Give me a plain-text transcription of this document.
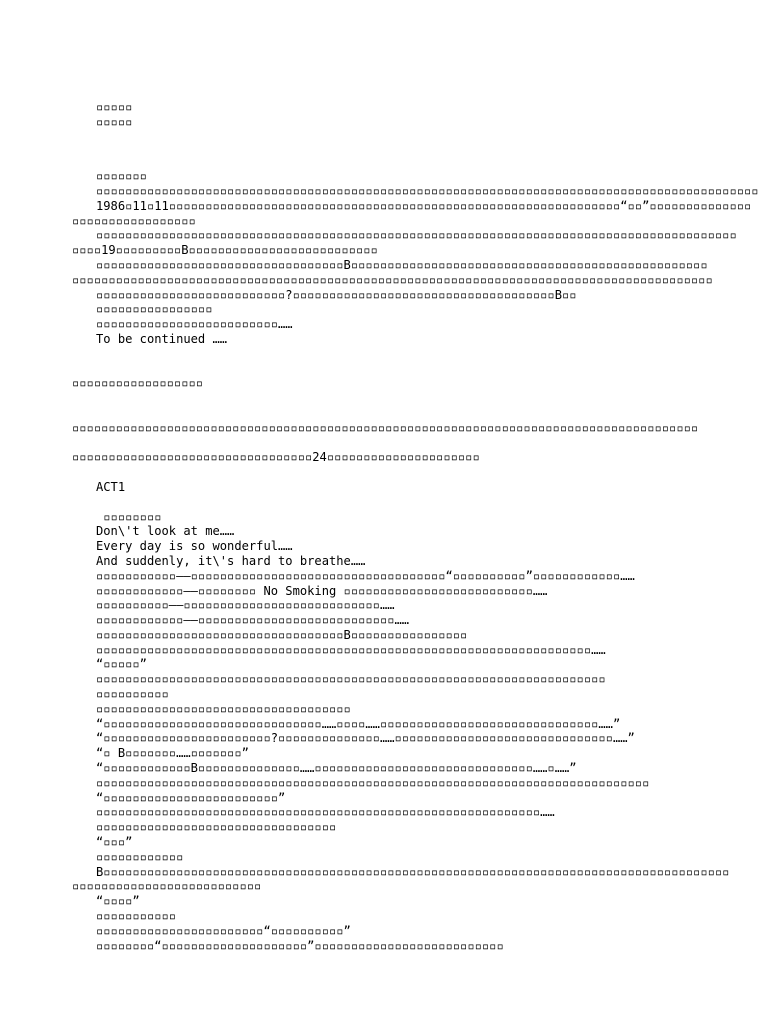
▫▫▫▫▫
▫▫▫▫▫
▫▫▫▫▫▫▫
▫▫▫▫▫▫▫▫▫▫▫▫▫▫▫▫▫▫▫▫▫▫▫▫▫▫▫▫▫▫▫▫▫▫▫▫▫▫▫▫▫▫▫▫▫▫▫▫▫▫▫▫▫▫▫▫▫▫▫▫▫▫▫▫▫▫▫▫▫▫▫▫▫▫▫▫▫▫▫▫▫▫▫▫▫▫▫▫▫▫▫
1986▫11▫11▫▫▫▫▫▫▫▫▫▫▫▫▫▫▫▫▫▫▫▫▫▫▫▫▫▫▫▫▫▫▫▫▫▫▫▫▫▫▫▫▫▫▫▫▫▫▫▫▫▫▫▫▫▫▫▫▫▫▫▫▫▫“▫▫”▫▫▫▫▫▫▫▫▫▫▫▫▫▫
▫▫▫▫▫▫▫▫▫▫▫▫▫▫▫▫▫
▫▫▫▫▫▫▫▫▫▫▫▫▫▫▫▫▫▫▫▫▫▫▫▫▫▫▫▫▫▫▫▫▫▫▫▫▫▫▫▫▫▫▫▫▫▫▫▫▫▫▫▫▫▫▫▫▫▫▫▫▫▫▫▫▫▫▫▫▫▫▫▫▫▫▫▫▫▫▫▫▫▫▫▫▫▫▫▫
▫▫▫▫19▫▫▫▫▫▫▫▫▫B▫▫▫▫▫▫▫▫▫▫▫▫▫▫▫▫▫▫▫▫▫▫▫▫▫▫
▫▫▫▫▫▫▫▫▫▫▫▫▫▫▫▫▫▫▫▫▫▫▫▫▫▫▫▫▫▫▫▫▫▫B▫▫▫▫▫▫▫▫▫▫▫▫▫▫▫▫▫▫▫▫▫▫▫▫▫▫▫▫▫▫▫▫▫▫▫▫▫▫▫▫▫▫▫▫▫▫▫▫▫
▫▫▫▫▫▫▫▫▫▫▫▫▫▫▫▫▫▫▫▫▫▫▫▫▫▫▫▫▫▫▫▫▫▫▫▫▫▫▫▫▫▫▫▫▫▫▫▫▫▫▫▫▫▫▫▫▫▫▫▫▫▫▫▫▫▫▫▫▫▫▫▫▫▫▫▫▫▫▫▫▫▫▫▫▫▫▫▫
▫▫▫▫▫▫▫▫▫▫▫▫▫▫▫▫▫▫▫▫▫▫▫▫▫▫?▫▫▫▫▫▫▫▫▫▫▫▫▫▫▫▫▫▫▫▫▫▫▫▫▫▫▫▫▫▫▫▫▫▫▫▫B▫▫
▫▫▫▫▫▫▫▫▫▫▫▫▫▫▫▫
▫▫▫▫▫▫▫▫▫▫▫▫▫▫▫▫▫▫▫▫▫▫▫▫▫……
To be continued ……
▫▫▫▫▫▫▫▫▫▫▫▫▫▫▫▫▫▫
▫▫▫▫▫▫▫▫▫▫▫▫▫▫▫▫▫▫▫▫▫▫▫▫▫▫▫▫▫▫▫▫▫▫▫▫▫▫▫▫▫▫▫▫▫▫▫▫▫▫▫▫▫▫▫▫▫▫▫▫▫▫▫▫▫▫▫▫▫▫▫▫▫▫▫▫▫▫▫▫▫▫▫▫▫▫
▫▫▫▫▫▫▫▫▫▫▫▫▫▫▫▫▫▫▫▫▫▫▫▫▫▫▫▫▫▫▫▫▫24▫▫▫▫▫▫▫▫▫▫▫▫▫▫▫▫▫▫▫▫▫
ACT1
▫▫▫▫▫▫▫▫
Don\'t look at me……
Every day is so wonderful……
And suddenly, it\'s hard to breathe……
▫▫▫▫▫▫▫▫▫▫▫——▫▫▫▫▫▫▫▫▫▫▫▫▫▫▫▫▫▫▫▫▫▫▫▫▫▫▫▫▫▫▫▫▫▫▫“▫▫▫▫▫▫▫▫▫▫”▫▫▫▫▫▫▫▫▫▫▫▫……
▫▫▫▫▫▫▫▫▫▫▫▫——▫▫▫▫▫▫▫▫ No Smoking ▫▫▫▫▫▫▫▫▫▫▫▫▫▫▫▫▫▫▫▫▫▫▫▫▫▫……
▫▫▫▫▫▫▫▫▫▫——▫▫▫▫▫▫▫▫▫▫▫▫▫▫▫▫▫▫▫▫▫▫▫▫▫▫▫……
▫▫▫▫▫▫▫▫▫▫▫▫——▫▫▫▫▫▫▫▫▫▫▫▫▫▫▫▫▫▫▫▫▫▫▫▫▫▫▫……
▫▫▫▫▫▫▫▫▫▫▫▫▫▫▫▫▫▫▫▫▫▫▫▫▫▫▫▫▫▫▫▫▫▫B▫▫▫▫▫▫▫▫▫▫▫▫▫▫▫▫
▫▫▫▫▫▫▫▫▫▫▫▫▫▫▫▫▫▫▫▫▫▫▫▫▫▫▫▫▫▫▫▫▫▫▫▫▫▫▫▫▫▫▫▫▫▫▫▫▫▫▫▫▫▫▫▫▫▫▫▫▫▫▫▫▫▫▫▫……
“▫▫▫▫▫”
▫▫▫▫▫▫▫▫▫▫▫▫▫▫▫▫▫▫▫▫▫▫▫▫▫▫▫▫▫▫▫▫▫▫▫▫▫▫▫▫▫▫▫▫▫▫▫▫▫▫▫▫▫▫▫▫▫▫▫▫▫▫▫▫▫▫▫▫▫▫
▫▫▫▫▫▫▫▫▫▫
▫▫▫▫▫▫▫▫▫▫▫▫▫▫▫▫▫▫▫▫▫▫▫▫▫▫▫▫▫▫▫▫▫▫▫
“▫▫▫▫▫▫▫▫▫▫▫▫▫▫▫▫▫▫▫▫▫▫▫▫▫▫▫▫▫▫……▫▫▫▫……▫▫▫▫▫▫▫▫▫▫▫▫▫▫▫▫▫▫▫▫▫▫▫▫▫▫▫▫▫▫……”
“▫▫▫▫▫▫▫▫▫▫▫▫▫▫▫▫▫▫▫▫▫▫▫?▫▫▫▫▫▫▫▫▫▫▫▫▫▫……▫▫▫▫▫▫▫▫▫▫▫▫▫▫▫▫▫▫▫▫▫▫▫▫▫▫▫▫▫▫……”
“▫ B▫▫▫▫▫▫▫……▫▫▫▫▫▫▫”
“▫▫▫▫▫▫▫▫▫▫▫▫B▫▫▫▫▫▫▫▫▫▫▫▫▫▫……▫▫▫▫▫▫▫▫▫▫▫▫▫▫▫▫▫▫▫▫▫▫▫▫▫▫▫▫▫▫……▫……”
▫▫▫▫▫▫▫▫▫▫▫▫▫▫▫▫▫▫▫▫▫▫▫▫▫▫▫▫▫▫▫▫▫▫▫▫▫▫▫▫▫▫▫▫▫▫▫▫▫▫▫▫▫▫▫▫▫▫▫▫▫▫▫▫▫▫▫▫▫▫▫▫▫▫▫▫
“▫▫▫▫▫▫▫▫▫▫▫▫▫▫▫▫▫▫▫▫▫▫▫▫”
▫▫▫▫▫▫▫▫▫▫▫▫▫▫▫▫▫▫▫▫▫▫▫▫▫▫▫▫▫▫▫▫▫▫▫▫▫▫▫▫▫▫▫▫▫▫▫▫▫▫▫▫▫▫▫▫▫▫▫▫▫……
▫▫▫▫▫▫▫▫▫▫▫▫▫▫▫▫▫▫▫▫▫▫▫▫▫▫▫▫▫▫▫▫▫
“▫▫▫”
▫▫▫▫▫▫▫▫▫▫▫▫
B▫▫▫▫▫▫▫▫▫▫▫▫▫▫▫▫▫▫▫▫▫▫▫▫▫▫▫▫▫▫▫▫▫▫▫▫▫▫▫▫▫▫▫▫▫▫▫▫▫▫▫▫▫▫▫▫▫▫▫▫▫▫▫▫▫▫▫▫▫▫▫▫▫▫▫▫▫▫▫▫▫▫▫▫▫▫
▫▫▫▫▫▫▫▫▫▫▫▫▫▫▫▫▫▫▫▫▫▫▫▫▫▫
“▫▫▫▫”
▫▫▫▫▫▫▫▫▫▫▫
▫▫▫▫▫▫▫▫▫▫▫▫▫▫▫▫▫▫▫▫▫▫▫“▫▫▫▫▫▫▫▫▫▫”
▫▫▫▫▫▫▫▫“▫▫▫▫▫▫▫▫▫▫▫▫▫▫▫▫▫▫▫▫”▫▫▫▫▫▫▫▫▫▫▫▫▫▫▫▫▫▫▫▫▫▫▫▫▫▫
